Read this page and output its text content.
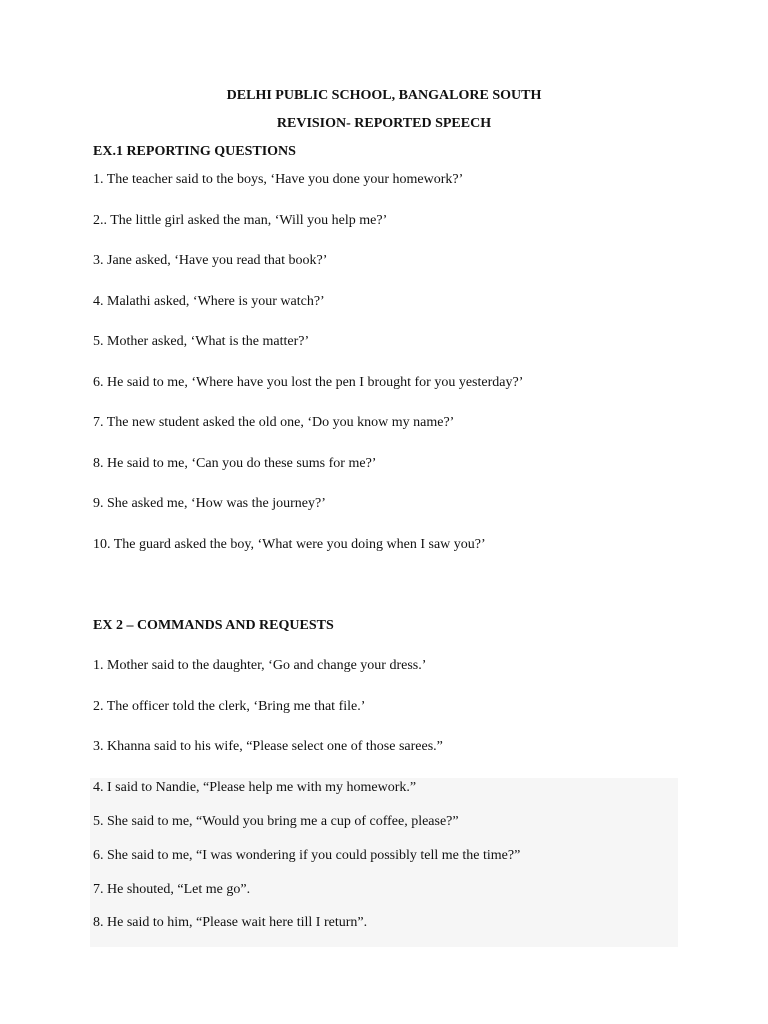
DELHI PUBLIC SCHOOL, BANGALORE SOUTH
REVISION- REPORTED SPEECH
EX.1 REPORTING QUESTIONS
1. The teacher said to the boys, ‘Have you done your homework?’
2.. The little girl asked the man, ‘Will you help me?’
3. Jane asked, ‘Have you read that book?’
4. Malathi asked, ‘Where is your watch?’
5. Mother asked, ‘What is the matter?’
6. He said to me, ‘Where have you lost the pen I brought for you yesterday?’
7. The new student asked the old one, ‘Do you know my name?’
8. He said to me, ‘Can you do these sums for me?’
9. She asked me, ‘How was the journey?’
10. The guard asked the boy, ‘What were you doing when I saw you?’
EX 2 – COMMANDS AND REQUESTS
1. Mother said to the daughter, ‘Go and change your dress.’
2. The officer told the clerk, ‘Bring me that file.’
3. Khanna said to his wife, “Please select one of those sarees.”
4. I said to Nandie, “Please help me with my homework.”
5. She said to me, “Would you bring me a cup of coffee, please?”
6. She said to me, “I was wondering if you could possibly tell me the time?”
7. He shouted, “Let me go”.
8. He said to him, “Please wait here till I return”.
